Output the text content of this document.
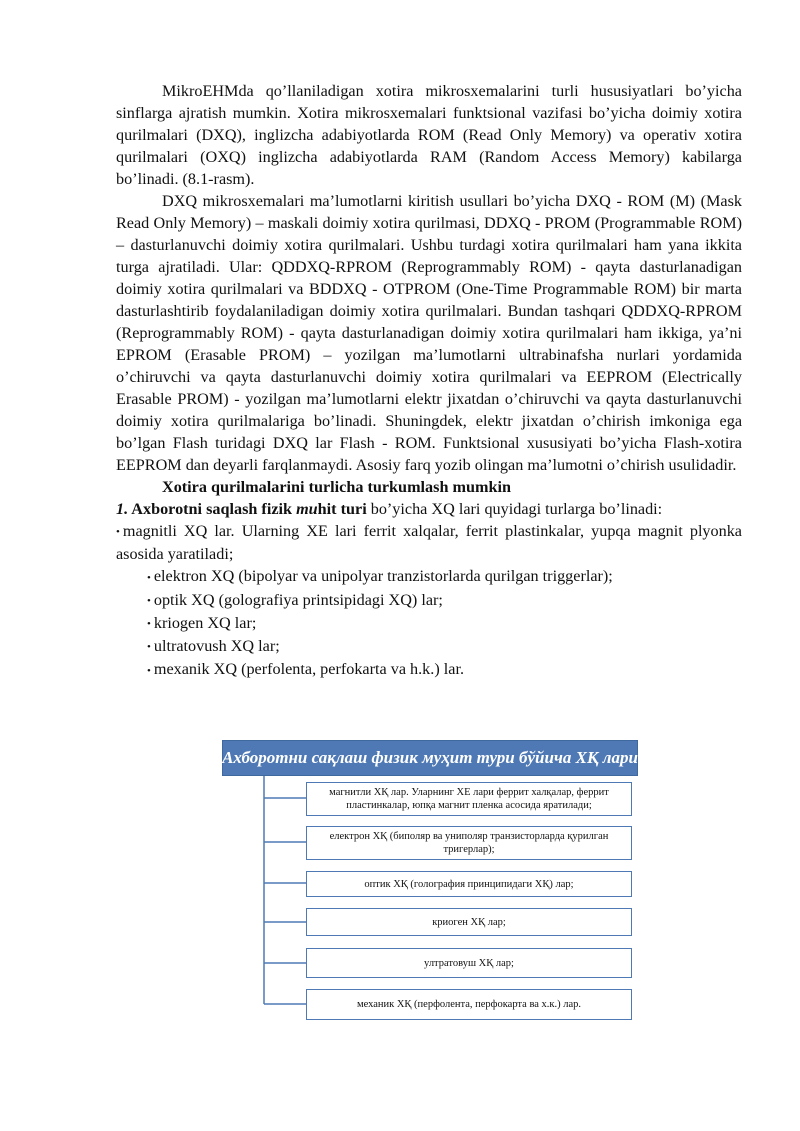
MikroEHMda qo’llaniladigan xotira mikrosxemalarini turli hususiyatlari bo’yicha sinflarga ajratish mumkin. Xotira mikrosxemalari funktsional vazifasi bo’yicha doimiy xotira qurilmalari (DXQ), inglizcha adabiyotlarda ROM (Read Only Memory) va operativ xotira qurilmalari (OXQ) inglizcha adabiyotlarda RAM (Random Access Memory) kabilarga bo’linadi. (8.1-rasm).

DXQ mikrosxemalari ma’lumotlarni kiritish usullari bo’yicha DXQ - ROM (M) (Mask Read Only Memory) – maskali doimiy xotira qurilmasi, DDXQ - PROM (Programmable ROM) – dasturlanuvchi doimiy xotira qurilmalari. Ushbu turdagi xotira qurilmalari ham yana ikkita turga ajratiladi. Ular: QDDXQ-RPROM (Reprogrammably ROM) - qayta dasturlanadigan doimiy xotira qurilmalari va BDDXQ - OTPROM (One-Time Programmable ROM) bir marta dasturlashtirib foydalaniladigan doimiy xotira qurilmalari. Bundan tashqari QDDXQ-RPROM (Reprogrammably ROM) - qayta dasturlanadigan doimiy xotira qurilmalari ham ikkiga, ya’ni EPROM (Erasable PROM) – yozilgan ma’lumotlarni ultrabinafsha nurlari yordamida o’chiruvchi va qayta dasturlanuvchi doimiy xotira qurilmalari va EEPROM (Electrically Erasable PROM) - yozilgan ma’lumotlarni elektr jixatdan o’chiruvchi va qayta dasturlanuvchi doimiy xotira qurilmalariga bo’linadi. Shuningdek, elektr jixatdan o’chirish imkoniga ega bo’lgan Flash turidagi DXQ lar Flash - ROM. Funktsional xususiyati bo’yicha Flash-xotira EEPROM dan deyarli farqlanmaydi. Asosiy farq yozib olingan ma’lumotni o’chirish usulidadir.

Xotira qurilmalarini turlicha turkumlash mumkin

1. Axborotni saqlash fizik muhit turi bo’yicha XQ lari quyidagi turlarga bo’linadi:

• magnitli XQ lar. Ularning XE lari ferrit xalqalar, ferrit plastinkalar, yupqa magnit plyonka asosida yaratiladi;

• elektron XQ (bipolyar va unipolyar tranzistorlarda qurilgan triggerlar);
• optik XQ (golografiya printsipidagi XQ) lar;
• kriogen XQ lar;
• ultratovush XQ lar;
• mexanik XQ (perfolenta, perfokarta va h.k.) lar.
Ахборотни сақлаш физик муҳит тури бўйича ХҚ лари
магнитли ХҚ лар. Уларнинг ХЕ лари феррит халқалар, феррит пластинкалар, юпқа магнит пленка асосида яратилади;
електрон ХҚ (биполяр ва униполяр транзисторларда қурилган тригерлар);
оптик ХҚ (голография принципидаги ХҚ) лар;
криоген ХҚ лар;
ултратовуш ХҚ лар;
механик ХҚ (перфолента, перфокарта ва х.к.) лар.
